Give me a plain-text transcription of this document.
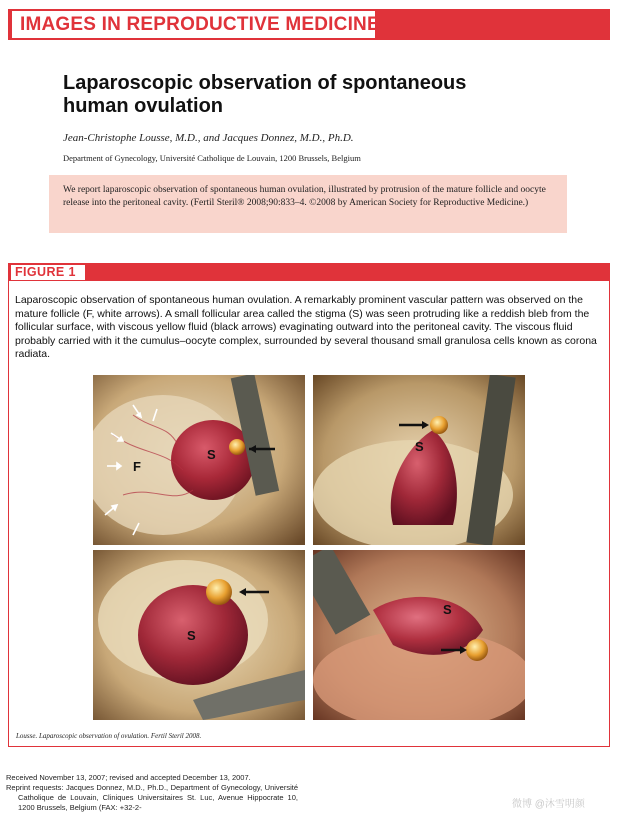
IMAGES IN REPRODUCTIVE MEDICINE
Laparoscopic observation of spontaneous human ovulation
Jean-Christophe Lousse, M.D., and Jacques Donnez, M.D., Ph.D.
Department of Gynecology, Université Catholique de Louvain, 1200 Brussels, Belgium
We report laparoscopic observation of spontaneous human ovulation, illustrated by protrusion of the mature follicle and oocyte release into the peritoneal cavity. (Fertil Steril® 2008;90:833–4. ©2008 by American Society for Reproductive Medicine.)
FIGURE 1
Laparoscopic observation of spontaneous human ovulation. A remarkably prominent vascular pattern was observed on the mature follicle (F, white arrows). A small follicular area called the stigma (S) was seen protruding like a reddish bleb from the follicular surface, with viscous yellow fluid (black arrows) evaginating outward into the peritoneal cavity. The viscous fluid probably carried with it the cumulus–oocyte complex, surrounded by several thousand small granulosa cells known as corona radiata.
F
S
S
S
S
Lousse. Laparoscopic observation of ovulation. Fertil Steril 2008.
Received November 13, 2007; revised and accepted December 13, 2007.
Reprint requests: Jacques Donnez, M.D., Ph.D., Department of Gynecology, Université Catholique de Louvain, Cliniques Universitaires St. Luc, Avenue Hippocrate 10, 1200 Brussels, Belgium (FAX: +32-2-	微博 @沐雪明颜
